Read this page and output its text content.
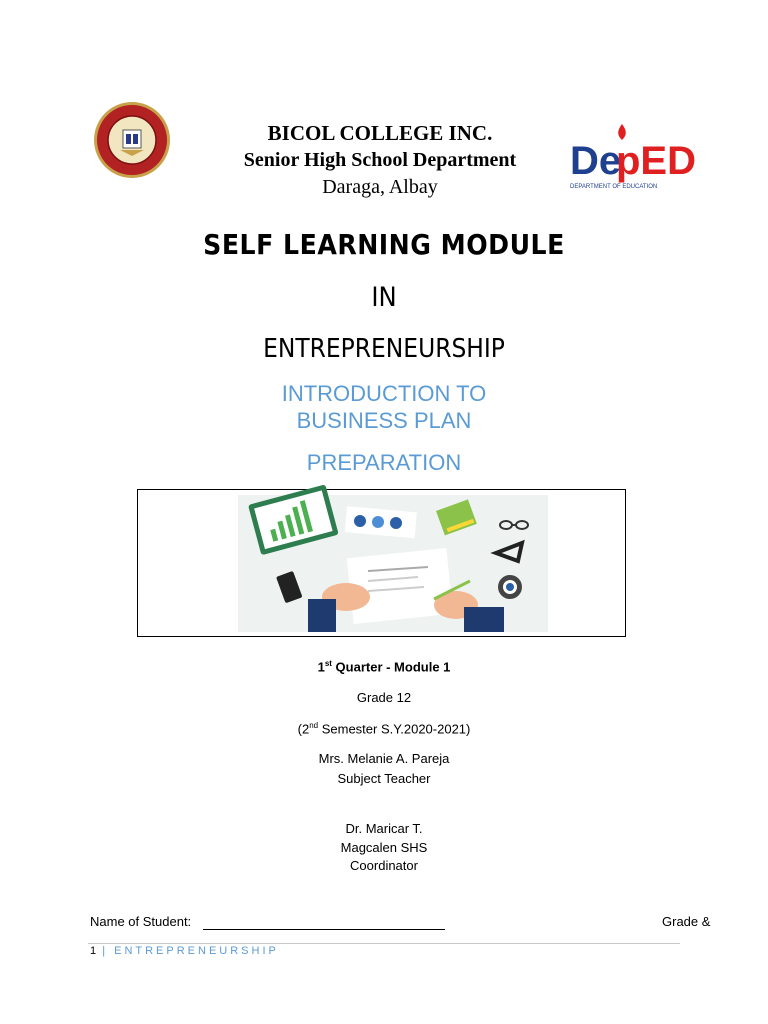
BICOL COLLEGE INC.
Senior High School Department
Daraga, Albay
De
pED
DEPARTMENT OF EDUCATION
SELF LEARNING MODULE
IN
ENTREPRENEURSHIP
INTRODUCTION TO BUSINESS PLAN
PREPARATION
1st Quarter - Module 1
Grade 12
(2nd Semester S.Y.2020-2021)
Mrs. Melanie A. Pareja
Subject Teacher
Dr. Maricar T.
Magcalen SHS
Coordinator
Name of Student:	Grade &
1 | ENTREPRENEURSHIP
